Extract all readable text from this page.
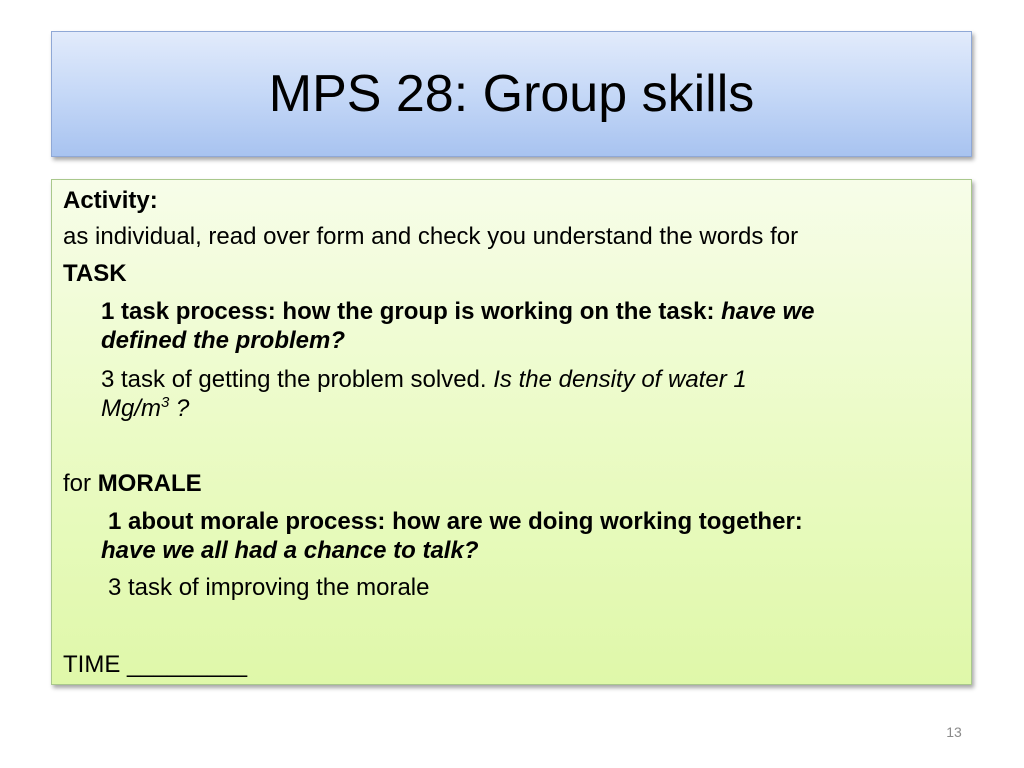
MPS 28: Group skills
Activity:
as individual, read over form and check you understand the words for
TASK
1 task process: how the group is working on the task: have we
defined the problem?
3 task of getting the problem solved. Is the density of water 1
$Mg/m^3$ ?
for MORALE
1 about morale process: how are we doing working together:
have we all had a chance to talk?
3 task of improving the morale
TIME _________
13
